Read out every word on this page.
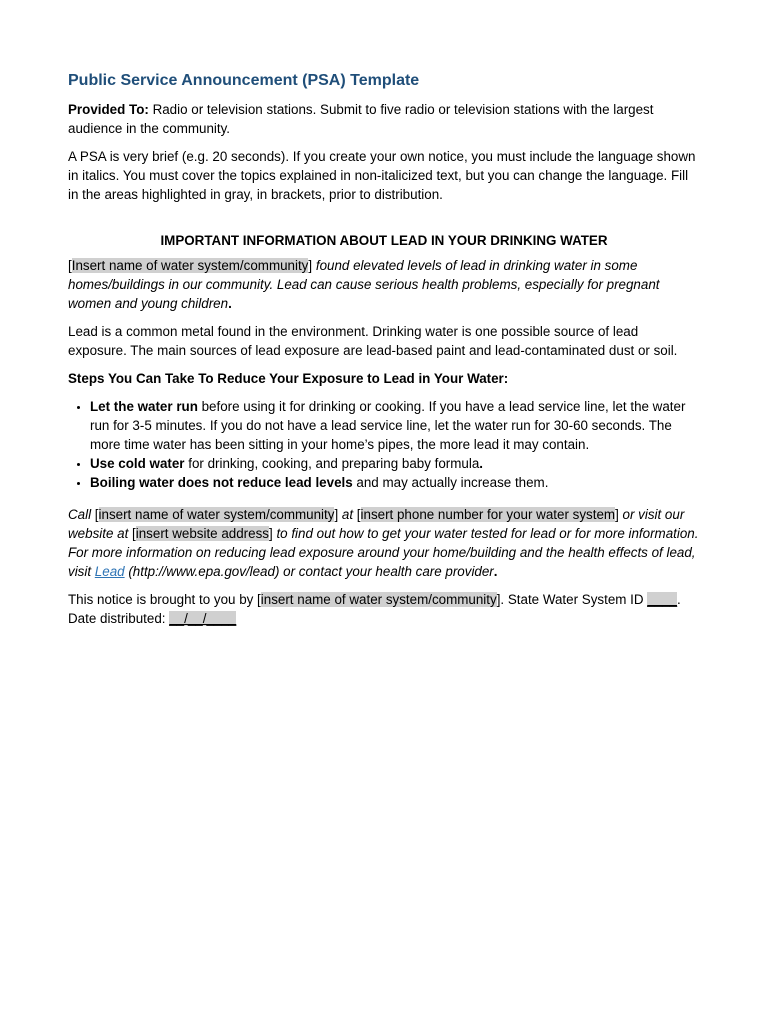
Public Service Announcement (PSA) Template

Provided To: Radio or television stations. Submit to five radio or television stations with the largest audience in the community.

A PSA is very brief (e.g. 20 seconds). If you create your own notice, you must include the language shown in italics. You must cover the topics explained in non-italicized text, but you can change the language. Fill in the areas highlighted in gray, in brackets, prior to distribution.

IMPORTANT INFORMATION ABOUT LEAD IN YOUR DRINKING WATER

[Insert name of water system/community] found elevated levels of lead in drinking water in some homes/buildings in our community. Lead can cause serious health problems, especially for pregnant women and young children.

Lead is a common metal found in the environment. Drinking water is one possible source of lead exposure. The main sources of lead exposure are lead-based paint and lead-contaminated dust or soil.

Steps You Can Take To Reduce Your Exposure to Lead in Your Water:

• Let the water run before using it for drinking or cooking. If you have a lead service line, let the water run for 3-5 minutes. If you do not have a lead service line, let the water run for 30-60 seconds. The more time water has been sitting in your home’s pipes, the more lead it may contain.
• Use cold water for drinking, cooking, and preparing baby formula.
• Boiling water does not reduce lead levels and may actually increase them.

Call [insert name of water system/community] at [insert phone number for your water system] or visit our website at [insert website address] to find out how to get your water tested for lead or for more information. For more information on reducing lead exposure around your home/building and the health effects of lead, visit Lead (http://www.epa.gov/lead) or contact your health care provider.

This notice is brought to you by [insert name of water system/community]. State Water System ID ____. Date distributed: __/__/____
